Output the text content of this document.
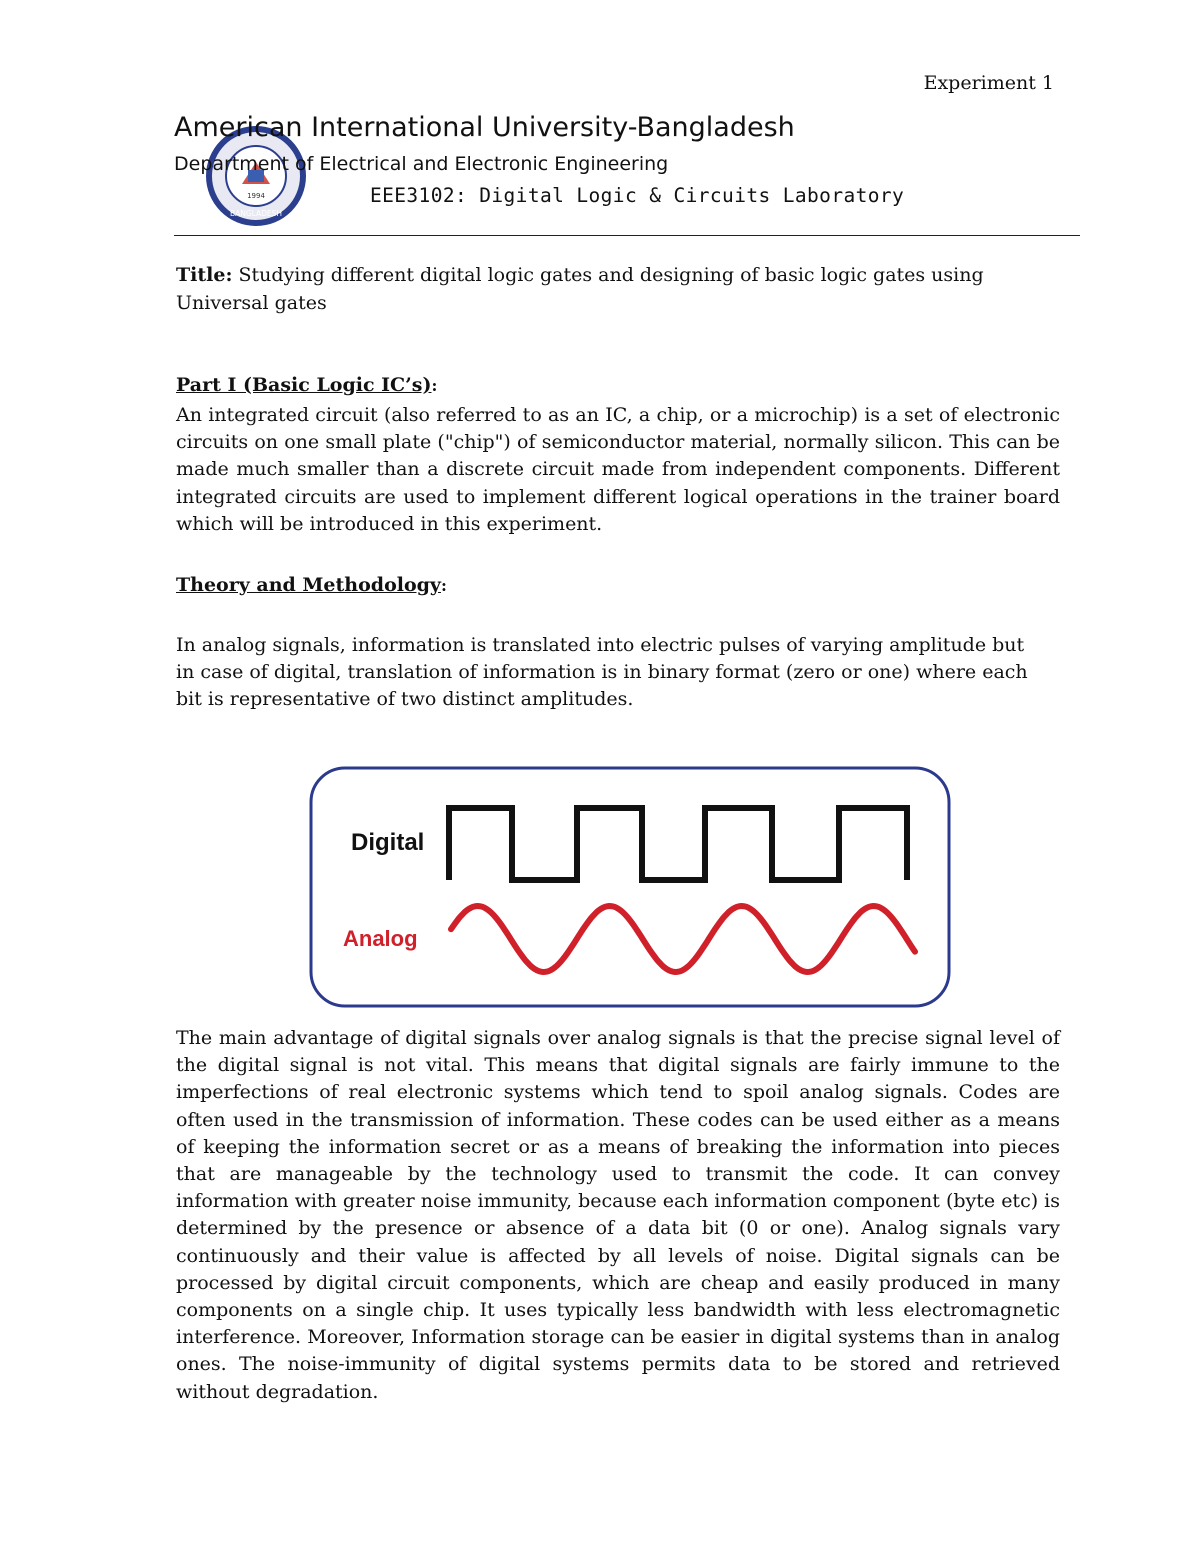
Experiment 1
1994
BANGLADESH
American International University-Bangladesh
Department of Electrical and Electronic Engineering
EEE3102: Digital Logic & Circuits Laboratory
Title: Studying different digital logic gates and designing of basic logic gates using Universal gates
Part I (Basic Logic IC’s):
An integrated circuit (also referred to as an IC, a chip, or a microchip) is a set of electronic circuits on one small plate ("chip") of semiconductor material, normally silicon. This can be made much smaller than a discrete circuit made from independent components. Different integrated circuits are used to implement different logical operations in the trainer board which will be introduced in this experiment.
Theory and Methodology:
In analog signals, information is translated into electric pulses of varying amplitude but in case of digital, translation of information is in binary format (zero or one) where each bit is representative of two distinct amplitudes.
Digital
Analog
The main advantage of digital signals over analog signals is that the precise signal level of the digital signal is not vital. This means that digital signals are fairly immune to the imperfections of real electronic systems which tend to spoil analog signals. Codes are often used in the transmission of information. These codes can be used either as a means of keeping the information secret or as a means of breaking the information into pieces that are manageable by the technology used to transmit the code. It can convey information with greater noise immunity, because each information component (byte etc) is determined by the presence or absence of a data bit (0 or one). Analog signals vary continuously and their value is affected by all levels of noise. Digital signals can be processed by digital circuit components, which are cheap and easily produced in many components on a single chip. It uses typically less bandwidth with less electromagnetic interference. Moreover, Information storage can be easier in digital systems than in analog ones. The noise-immunity of digital systems permits data to be stored and retrieved without degradation.
